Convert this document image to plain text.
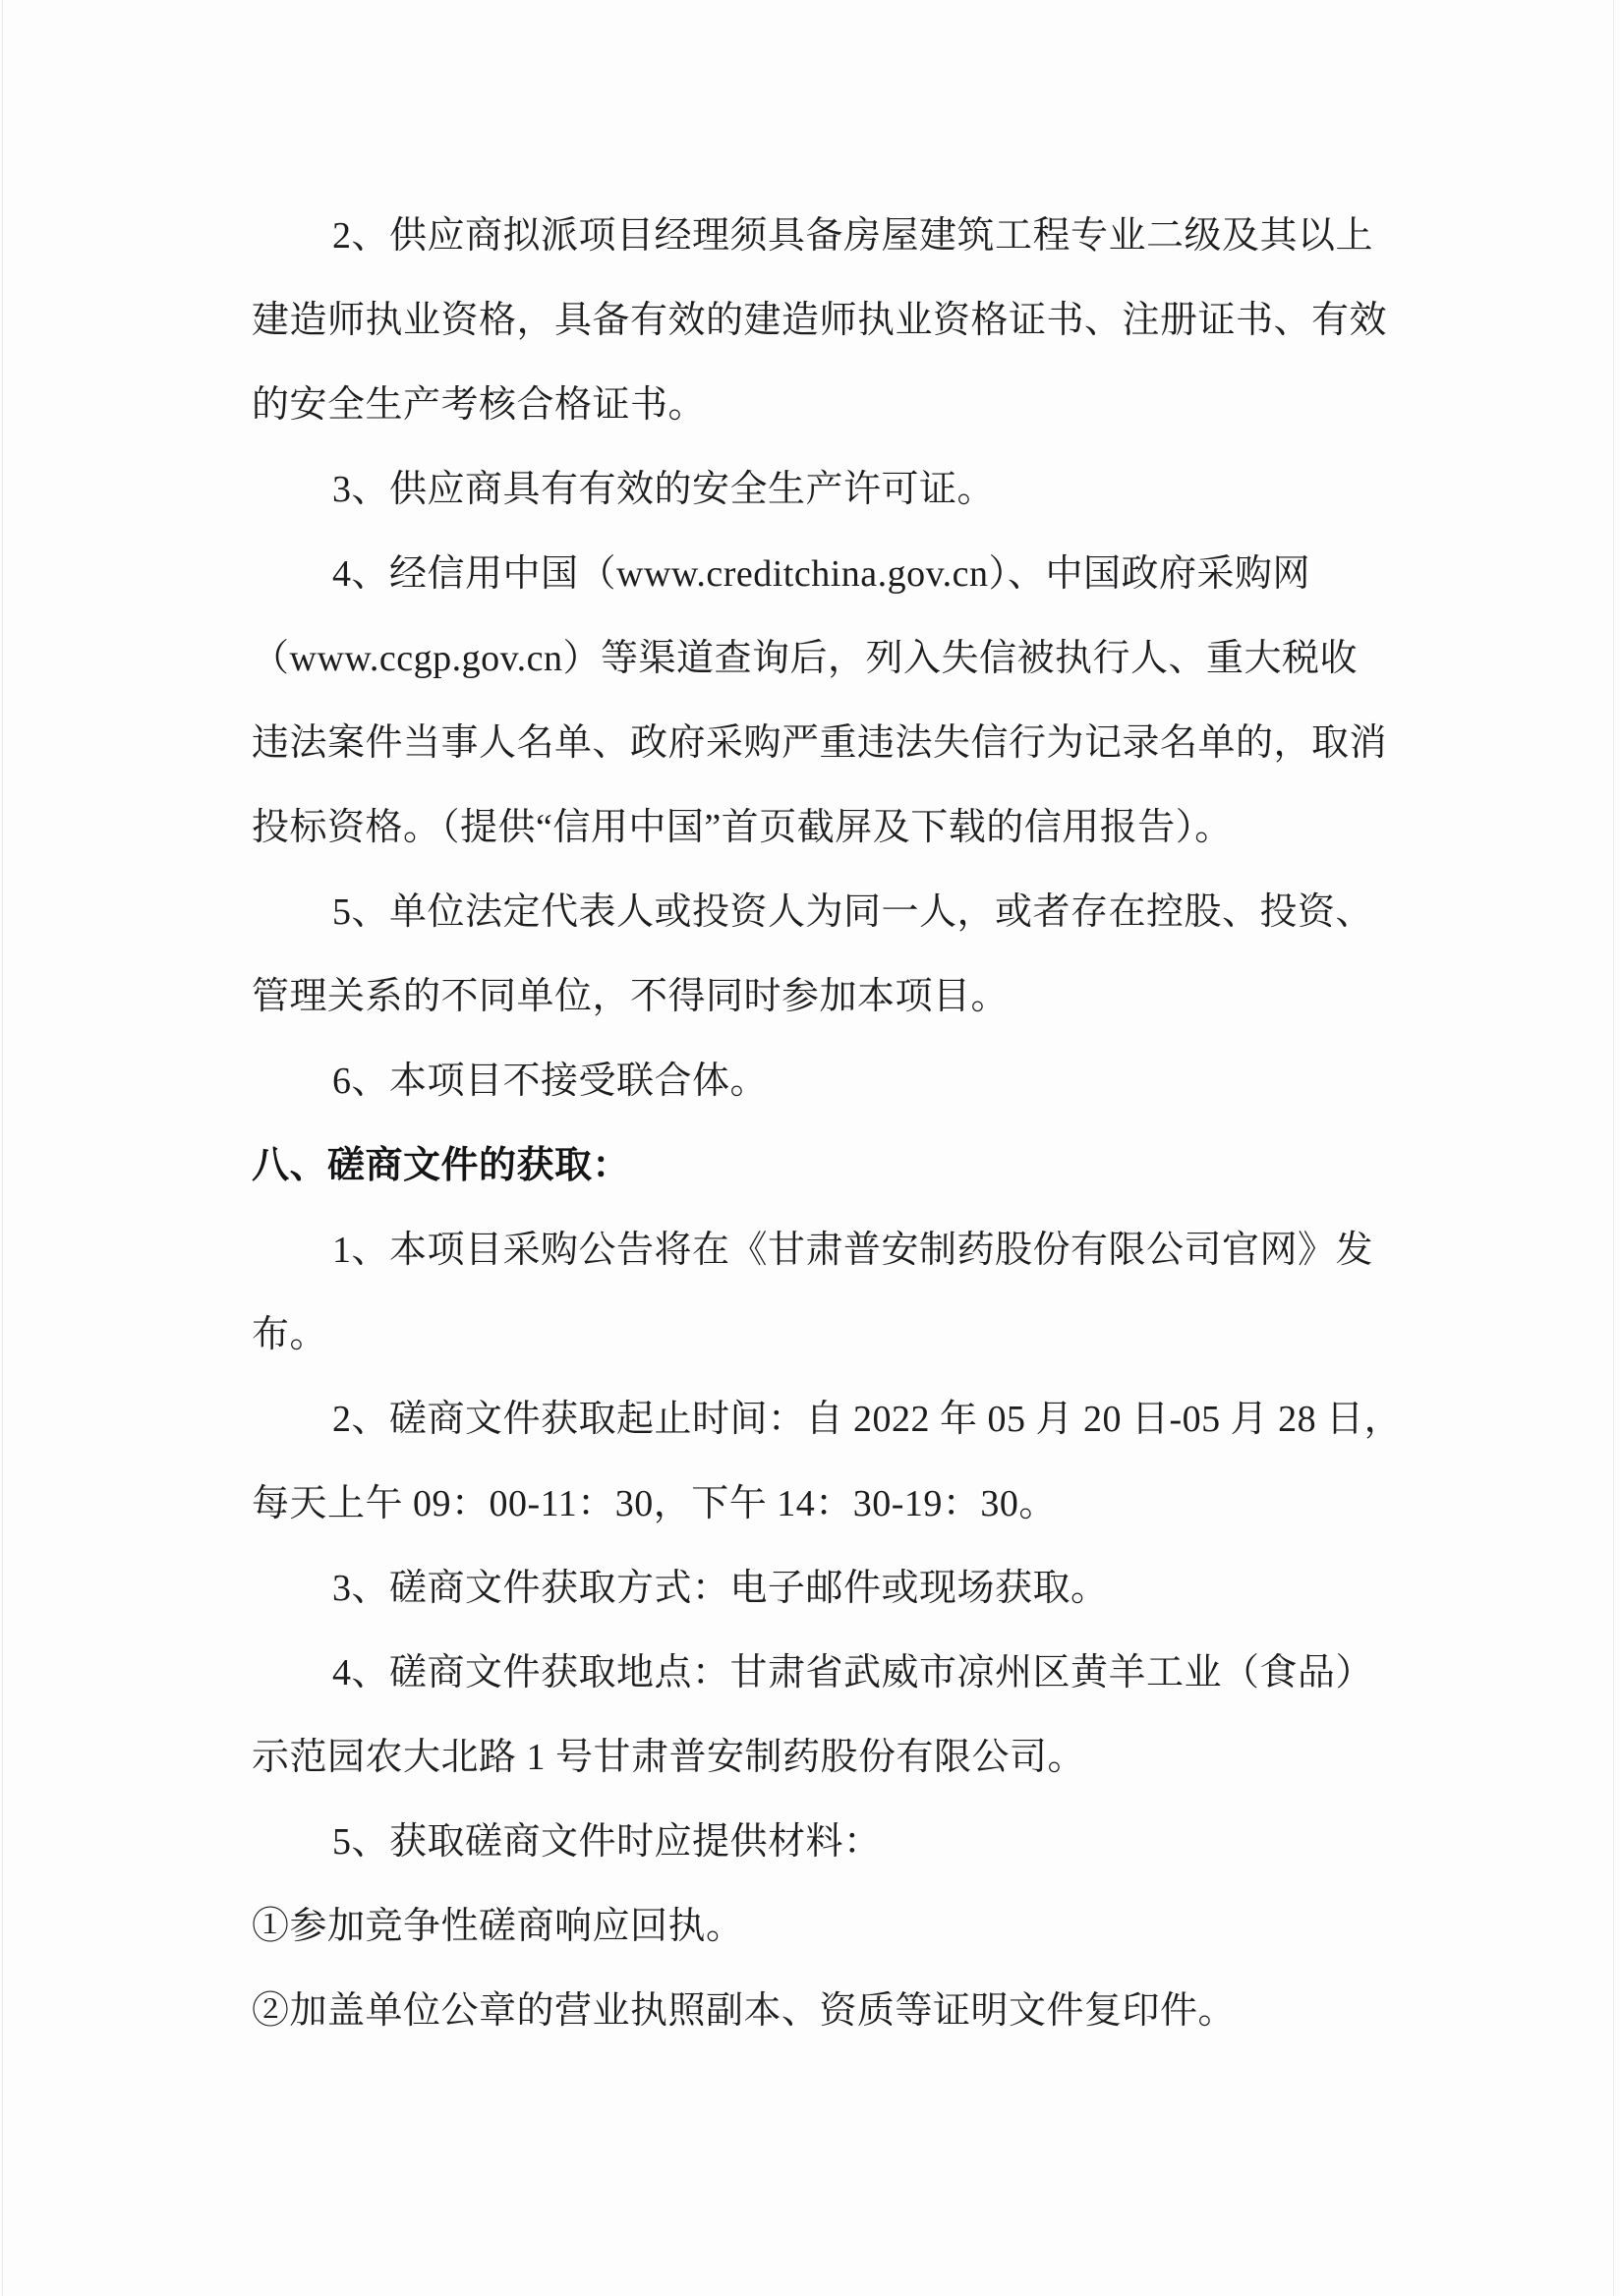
2、供应商拟派项目经理须具备房屋建筑工程专业二级及其以上
建造师执业资格，具备有效的建造师执业资格证书、注册证书、有效
的安全生产考核合格证书。
3、供应商具有有效的安全生产许可证。
4、经信用中国（www.creditchina.gov.cn）、中国政府采购网
（www.ccgp.gov.cn）等渠道查询后，列入失信被执行人、重大税收
违法案件当事人名单、政府采购严重违法失信行为记录名单的，取消
投标资格。（提供“信用中国”首页截屏及下载的信用报告）。
5、单位法定代表人或投资人为同一人，或者存在控股、投资、
管理关系的不同单位，不得同时参加本项目。
6、本项目不接受联合体。
八、磋商文件的获取：
1、本项目采购公告将在《甘肃普安制药股份有限公司官网》发
布。
2、磋商文件获取起止时间：自 2022 年 05 月 20 日-05 月 28 日，
每天上午 09：00-11：30，下午 14：30-19：30。
3、磋商文件获取方式：电子邮件或现场获取。
4、磋商文件获取地点：甘肃省武威市凉州区黄羊工业（食品）
示范园农大北路 1 号甘肃普安制药股份有限公司。
5、获取磋商文件时应提供材料：
①参加竞争性磋商响应回执。
②加盖单位公章的营业执照副本、资质等证明文件复印件。
